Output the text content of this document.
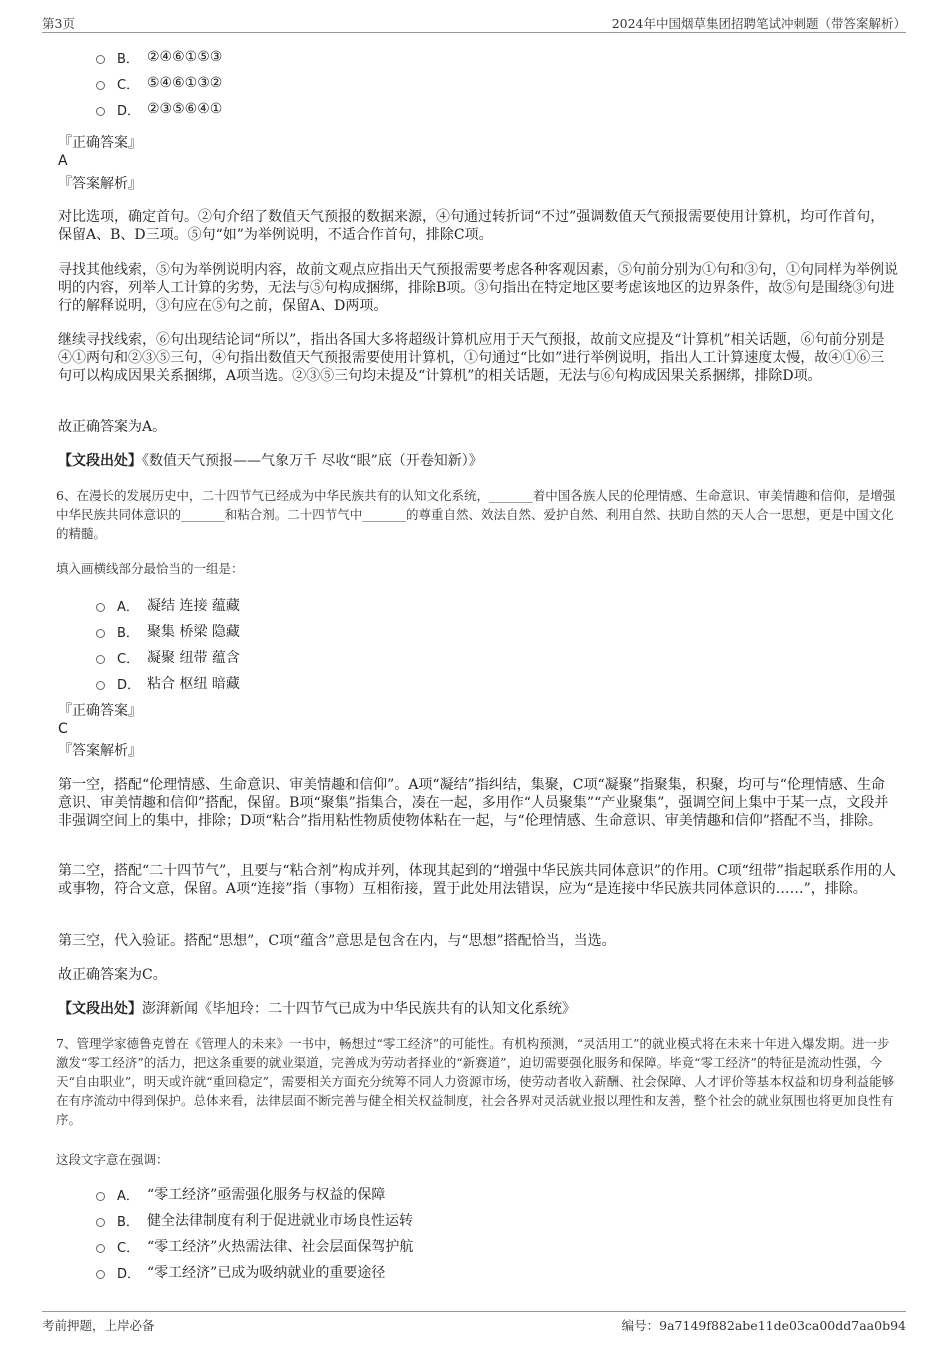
第3页	2024年中国烟草集团招聘笔试冲刺题（带答案解析）
B． ②④⑥①⑤③
C． ⑤④⑥①③②
D． ②③⑤⑥④①
『正确答案』
A
『答案解析』

对比选项，确定首句。②句介绍了数值天气预报的数据来源，④句通过转折词“不过”强调数值天气预报需要使用计算机，均可作首句，保留A、B、D三项。⑤句“如”为举例说明，不适合作首句，排除C项。

寻找其他线索，⑤句为举例说明内容，故前文观点应指出天气预报需要考虑各种客观因素，⑤句前分别为①句和③句，①句同样为举例说明的内容，列举人工计算的劣势，无法与⑤句构成捆绑，排除B项。③句指出在特定地区要考虑该地区的边界条件，故⑤句是围绕③句进行的解释说明，③句应在⑤句之前，保留A、D两项。

继续寻找线索，⑥句出现结论词“所以”，指出各国大多将超级计算机应用于天气预报，故前文应提及“计算机”相关话题，⑥句前分别是④①两句和②③⑤三句，④句指出数值天气预报需要使用计算机，①句通过“比如”进行举例说明，指出人工计算速度太慢，故④①⑥三句可以构成因果关系捆绑，A项当选。②③⑤三句均未提及“计算机”的相关话题，无法与⑥句构成因果关系捆绑，排除D项。

故正确答案为A。

【文段出处】《数值天气预报——气象万千 尽收“眼”底（开卷知新）》

6、在漫长的发展历史中，二十四节气已经成为中华民族共有的认知文化系统，_______着中国各族人民的伦理情感、生命意识、审美情趣和信仰，是增强中华民族共同体意识的_______和粘合剂。二十四节气中_______的尊重自然、效法自然、爱护自然、利用自然、扶助自然的天人合一思想，更是中国文化的精髓。

填入画横线部分最恰当的一组是：

A． 凝结 连接 蕴藏
B． 聚集 桥梁 隐藏
C． 凝聚 纽带 蕴含
D． 粘合 枢纽 暗藏
『正确答案』
C
『答案解析』

第一空，搭配“伦理情感、生命意识、审美情趣和信仰”。A项“凝结”指纠结，集聚，C项“凝聚”指聚集，积聚，均可与“伦理情感、生命意识、审美情趣和信仰”搭配，保留。B项“聚集”指集合，凑在一起，多用作“人员聚集”“产业聚集”，强调空间上集中于某一点，文段并非强调空间上的集中，排除；D项“粘合”指用粘性物质使物体粘在一起，与“伦理情感、生命意识、审美情趣和信仰”搭配不当，排除。

第二空，搭配“二十四节气”，且要与“粘合剂”构成并列，体现其起到的“增强中华民族共同体意识”的作用。C项“纽带”指起联系作用的人或事物，符合文意，保留。A项“连接”指（事物）互相衔接，置于此处用法错误，应为“是连接中华民族共同体意识的……”，排除。

第三空，代入验证。搭配“思想”，C项“蕴含”意思是包含在内，与“思想”搭配恰当，当选。

故正确答案为C。

【文段出处】澎湃新闻《毕旭玲：二十四节气已成为中华民族共有的认知文化系统》

7、管理学家德鲁克曾在《管理人的未来》一书中，畅想过“零工经济”的可能性。有机构预测，“灵活用工”的就业模式将在未来十年进入爆发期。进一步激发“零工经济”的活力，把这条重要的就业渠道，完善成为劳动者择业的“新赛道”，迫切需要强化服务和保障。毕竟“零工经济”的特征是流动性强，今天“自由职业”，明天或许就“重回稳定”，需要相关方面充分统筹不同人力资源市场，使劳动者收入薪酬、社会保障、人才评价等基本权益和切身利益能够在有序流动中得到保护。总体来看，法律层面不断完善与健全相关权益制度，社会各界对灵活就业报以理性和友善，整个社会的就业氛围也将更加良性有序。

这段文字意在强调：

A． “零工经济”亟需强化服务与权益的保障
B． 健全法律制度有利于促进就业市场良性运转
C． “零工经济”火热需法律、社会层面保驾护航
D． “零工经济”已成为吸纳就业的重要途径
考前押题，上岸必备	编号：9a7149f882abe11de03ca00dd7aa0b94
